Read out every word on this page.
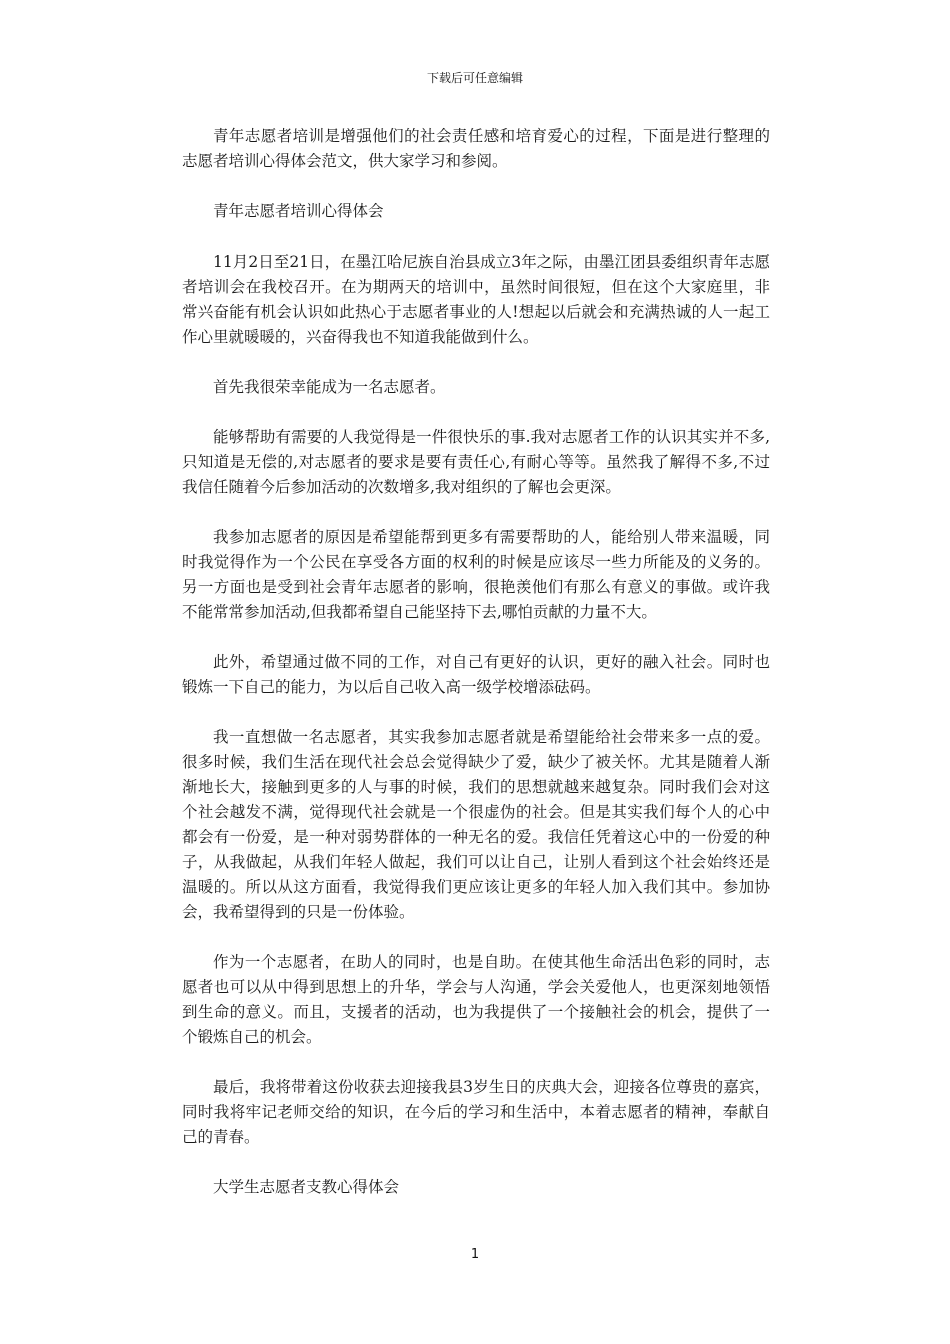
下载后可任意编辑

青年志愿者培训是增强他们的社会责任感和培育爱心的过程，下面是进行整理的志愿者培训心得体会范文，供大家学习和参阅。

青年志愿者培训心得体会

11月2日至21日，在墨江哈尼族自治县成立3年之际，由墨江团县委组织青年志愿者培训会在我校召开。在为期两天的培训中，虽然时间很短，但在这个大家庭里，非常兴奋能有机会认识如此热心于志愿者事业的人!想起以后就会和充满热诚的人一起工作心里就暖暖的，兴奋得我也不知道我能做到什么。

首先我很荣幸能成为一名志愿者。

能够帮助有需要的人我觉得是一件很快乐的事.我对志愿者工作的认识其实并不多,只知道是无偿的,对志愿者的要求是要有责任心,有耐心等等。虽然我了解得不多,不过我信任随着今后参加活动的次数增多,我对组织的了解也会更深。

我参加志愿者的原因是希望能帮到更多有需要帮助的人，能给别人带来温暖，同时我觉得作为一个公民在享受各方面的权利的时候是应该尽一些力所能及的义务的。另一方面也是受到社会青年志愿者的影响，很艳羡他们有那么有意义的事做。或许我不能常常参加活动,但我都希望自己能坚持下去,哪怕贡献的力量不大。

此外，希望通过做不同的工作，对自己有更好的认识，更好的融入社会。同时也锻炼一下自己的能力，为以后自己收入高一级学校增添砝码。

我一直想做一名志愿者，其实我参加志愿者就是希望能给社会带来多一点的爱。很多时候，我们生活在现代社会总会觉得缺少了爱，缺少了被关怀。尤其是随着人渐渐地长大，接触到更多的人与事的时候，我们的思想就越来越复杂。同时我们会对这个社会越发不满，觉得现代社会就是一个很虚伪的社会。但是其实我们每个人的心中都会有一份爱，是一种对弱势群体的一种无名的爱。我信任凭着这心中的一份爱的种子，从我做起，从我们年轻人做起，我们可以让自己，让别人看到这个社会始终还是温暖的。所以从这方面看，我觉得我们更应该让更多的年轻人加入我们其中。参加协会，我希望得到的只是一份体验。

作为一个志愿者，在助人的同时，也是自助。在使其他生命活出色彩的同时，志愿者也可以从中得到思想上的升华，学会与人沟通，学会关爱他人，也更深刻地领悟到生命的意义。而且，支援者的活动，也为我提供了一个接触社会的机会，提供了一个锻炼自己的机会。

最后，我将带着这份收获去迎接我县3岁生日的庆典大会，迎接各位尊贵的嘉宾，同时我将牢记老师交给的知识，在今后的学习和生活中，本着志愿者的精神，奉献自己的青春。

大学生志愿者支教心得体会

1
